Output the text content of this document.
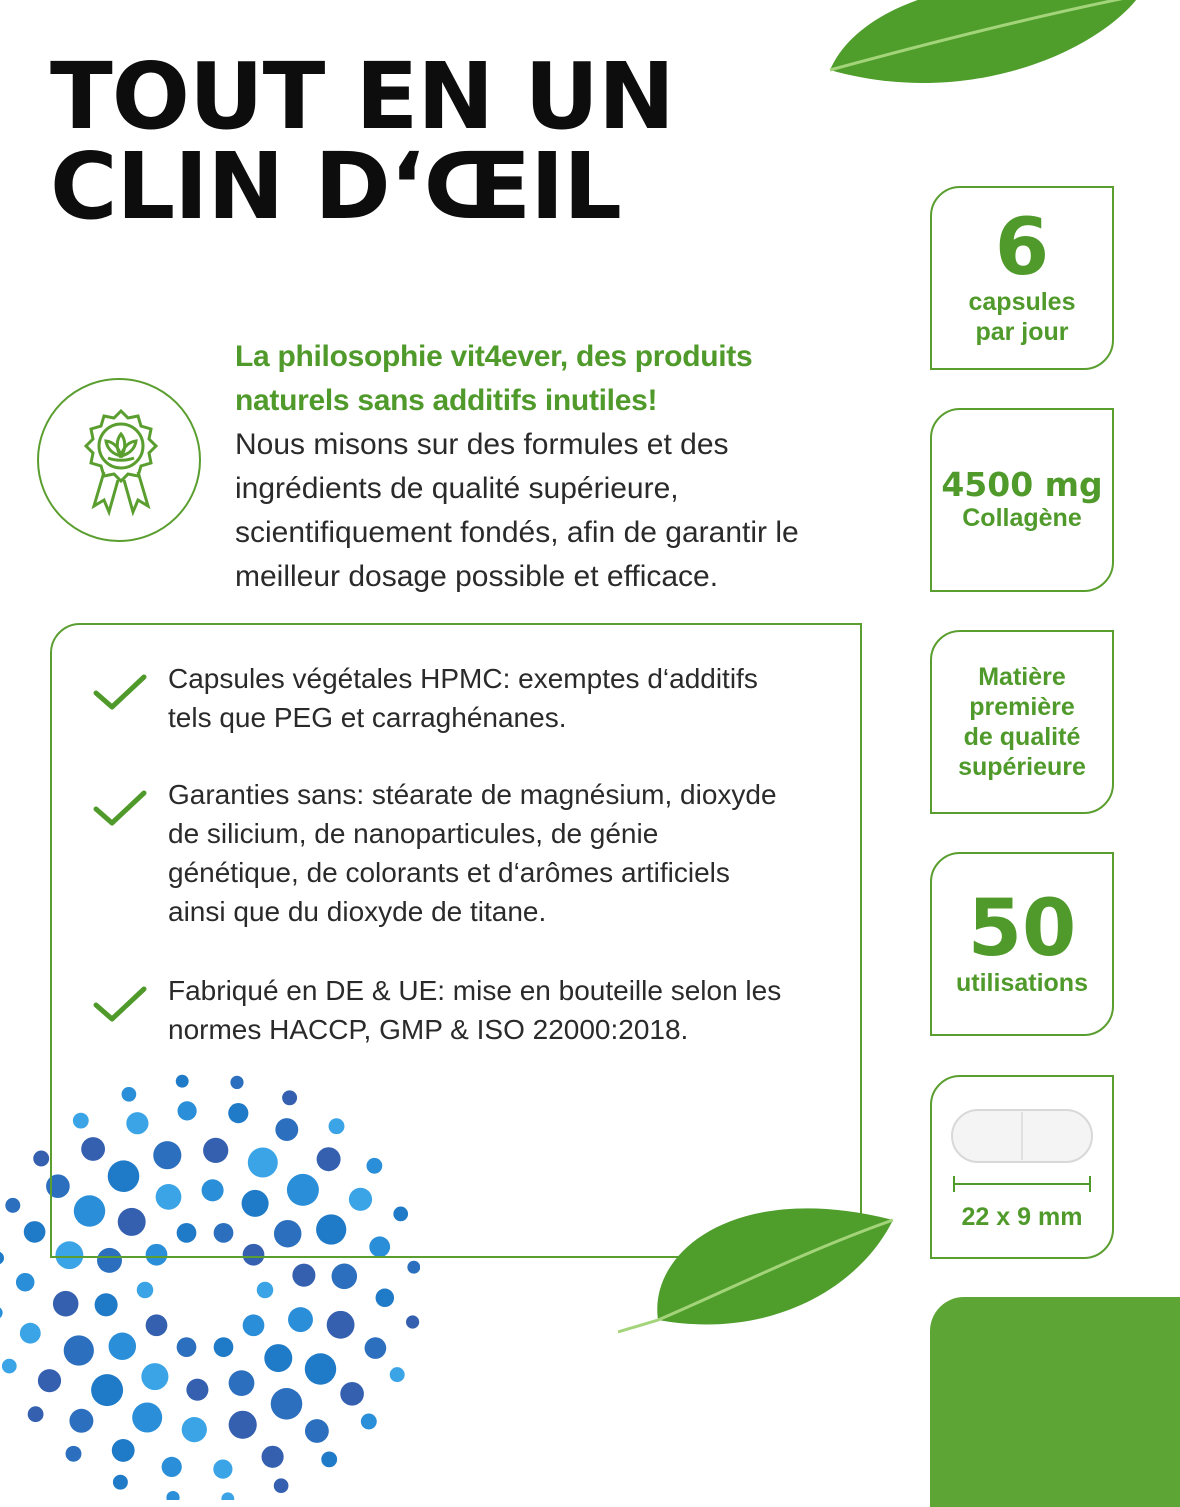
TOUT EN UN
CLIN D‘ŒIL
La philosophie vit4ever, des produits naturels sans additifs inutiles!
Nous misons sur des formules et des ingrédients de qualité supérieure, scientifiquement fondés, afin de garantir le meilleur dosage possible et efficace.
Capsules végétales HPMC: exemptes d‘additifs tels que PEG et carraghénanes.
Garanties sans: stéarate de magnésium, dioxyde de silicium, de nanoparticules, de génie génétique, de colorants et d‘arômes artificiels ainsi que du dioxyde de titane.
Fabriqué en DE & UE: mise en bouteille selon les normes HACCP, GMP & ISO 22000:2018.
6
capsules
par jour
4500 mg
Collagène
Matière
première
de qualité
supérieure
50
utilisations
22 x 9 mm
